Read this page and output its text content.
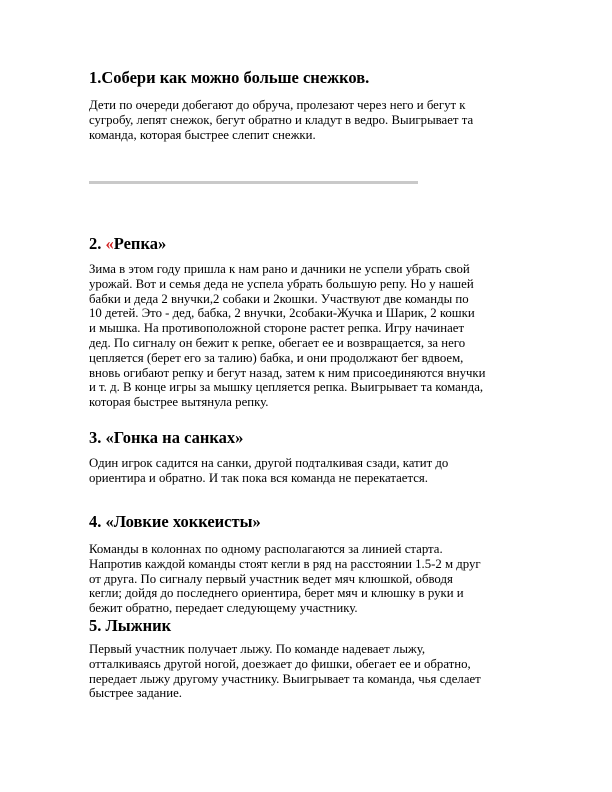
1.Собери как можно больше снежков.

Дети по очереди добегают до обруча, пролезают через него и бегут к
сугробу, лепят снежок, бегут обратно и кладут в ведро. Выигрывает та
команда, которая быстрее слепит снежки.

2. «Репка»

Зима в этом году пришла к нам рано и дачники не успели убрать свой
урожай. Вот и семья деда не успела убрать большую репу. Но у нашей
бабки и деда 2 внучки,2 собаки и 2кошки. Участвуют две команды по
10 детей. Это - дед, бабка, 2 внучки, 2собаки-Жучка и Шарик, 2 кошки
и мышка. На противоположной стороне растет репка. Игру начинает
дед. По сигналу он бежит к репке, обегает ее и возвращается, за него
цепляется (берет его за талию) бабка, и они продолжают бег вдвоем,
вновь огибают репку и бегут назад, затем к ним присоединяются внучки
и т. д. В конце игры за мышку цепляется репка. Выигрывает та команда,
которая быстрее вытянула репку.

3. «Гонка на санках»

Один игрок садится на санки, другой подталкивая сзади, катит до
ориентира и обратно. И так пока вся команда не перекатается.

4. «Ловкие хоккеисты»

Команды в колоннах по одному располагаются за линией старта.
Напротив каждой команды стоят кегли в ряд на расстоянии 1.5-2 м друг
от друга. По сигналу первый участник ведет мяч клюшкой, обводя
кегли; дойдя до последнего ориентира, берет мяч и клюшку в руки и
бежит обратно, передает следующему участнику.

5. Лыжник

Первый участник получает лыжу. По команде надевает лыжу,
отталкиваясь другой ногой, доезжает до фишки, обегает ее и обратно,
передает лыжу другому участнику. Выигрывает та команда, чья сделает
быстрее задание.
